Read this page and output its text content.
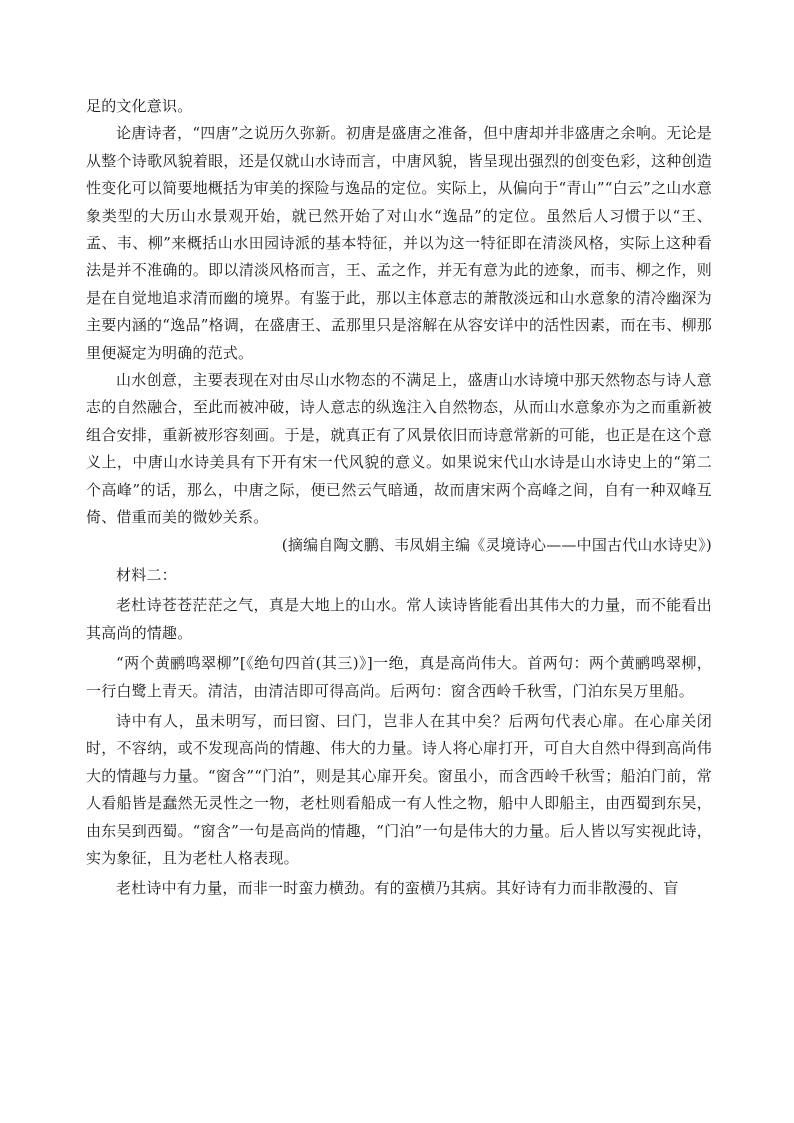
足的文化意识。

论唐诗者，“四唐”之说历久弥新。初唐是盛唐之准备，但中唐却并非盛唐之余响。无论是从整个诗歌风貌着眼，还是仅就山水诗而言，中唐风貌，皆呈现出强烈的创变色彩，这种创造性变化可以简要地概括为审美的探险与逸品的定位。实际上，从偏向于“青山”“白云”之山水意象类型的大历山水景观开始，就已然开始了对山水“逸品”的定位。虽然后人习惯于以“王、孟、韦、柳”来概括山水田园诗派的基本特征，并以为这一特征即在清淡风格，实际上这种看法是并不准确的。即以清淡风格而言，王、孟之作，并无有意为此的迹象，而韦、柳之作，则是在自觉地追求清而幽的境界。有鉴于此，那以主体意志的萧散淡远和山水意象的清冷幽深为主要内涵的“逸品”格调，在盛唐王、孟那里只是溶解在从容安详中的活性因素，而在韦、柳那里便凝定为明确的范式。

山水创意，主要表现在对由尽山水物态的不满足上，盛唐山水诗境中那天然物态与诗人意志的自然融合，至此而被冲破，诗人意志的纵逸注入自然物态，从而山水意象亦为之而重新被组合安排，重新被形容刻画。于是，就真正有了风景依旧而诗意常新的可能，也正是在这个意义上，中唐山水诗美具有下开有宋一代风貌的意义。如果说宋代山水诗是山水诗史上的“第二个高峰”的话，那么，中唐之际，便已然云气暗通，故而唐宋两个高峰之间，自有一种双峰互倚、借重而美的微妙关系。

(摘编自陶文鹏、韦凤娟主编《灵境诗心——中国古代山水诗史》)

材料二：

老杜诗苍苍茫茫之气，真是大地上的山水。常人读诗皆能看出其伟大的力量，而不能看出其高尚的情趣。

“两个黄鹂鸣翠柳”[《绝句四首(其三)》]一绝，真是高尚伟大。首两句：两个黄鹂鸣翠柳，一行白鹭上青天。清洁，由清洁即可得高尚。后两句：窗含西岭千秋雪，门泊东吴万里船。

诗中有人，虽未明写，而曰窗、曰门，岂非人在其中矣？后两句代表心扉。在心扉关闭时，不容纳，或不发现高尚的情趣、伟大的力量。诗人将心扉打开，可自大自然中得到高尚伟大的情趣与力量。“窗含”“门泊”，则是其心扉开矣。窗虽小，而含西岭千秋雪；船泊门前，常人看船皆是蠢然无灵性之一物，老杜则看船成一有人性之物，船中人即船主，由西蜀到东吴，由东吴到西蜀。“窗含”一句是高尚的情趣，“门泊”一句是伟大的力量。后人皆以写实视此诗，实为象征，且为老杜人格表现。

老杜诗中有力量，而非一时蛮力横劲。有的蛮横乃其病。其好诗有力而非散漫的、盲
